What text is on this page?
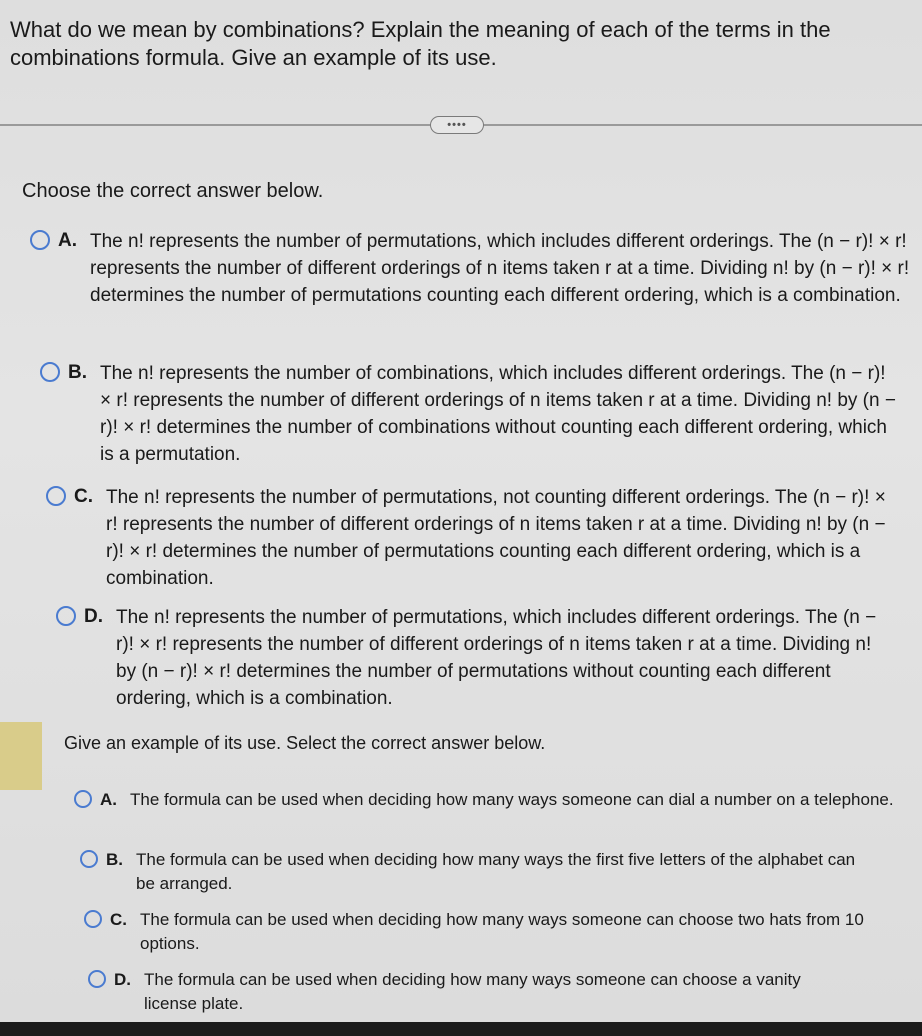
What do we mean by combinations? Explain the meaning of each of the terms in the combinations formula. Give an example of its use.
••••

Choose the correct answer below.

A. The n! represents the number of permutations, which includes different orderings. The (n − r)! × r! represents the number of different orderings of n items taken r at a time. Dividing n! by (n − r)! × r! determines the number of permutations counting each different ordering, which is a combination.
B. The n! represents the number of combinations, which includes different orderings. The (n − r)! × r! represents the number of different orderings of n items taken r at a time. Dividing n! by (n − r)! × r! determines the number of combinations without counting each different ordering, which is a permutation.
C. The n! represents the number of permutations, not counting different orderings. The (n − r)! × r! represents the number of different orderings of n items taken r at a time. Dividing n! by (n − r)! × r! determines the number of permutations counting each different ordering, which is a combination.
D. The n! represents the number of permutations, which includes different orderings. The (n − r)! × r! represents the number of different orderings of n items taken r at a time. Dividing n! by (n − r)! × r! determines the number of permutations without counting each different ordering, which is a combination.

Give an example of its use. Select the correct answer below.

A. The formula can be used when deciding how many ways someone can dial a number on a telephone.
B. The formula can be used when deciding how many ways the first five letters of the alphabet can be arranged.
C. The formula can be used when deciding how many ways someone can choose two hats from 10 options.
D. The formula can be used when deciding how many ways someone can choose a vanity license plate.
